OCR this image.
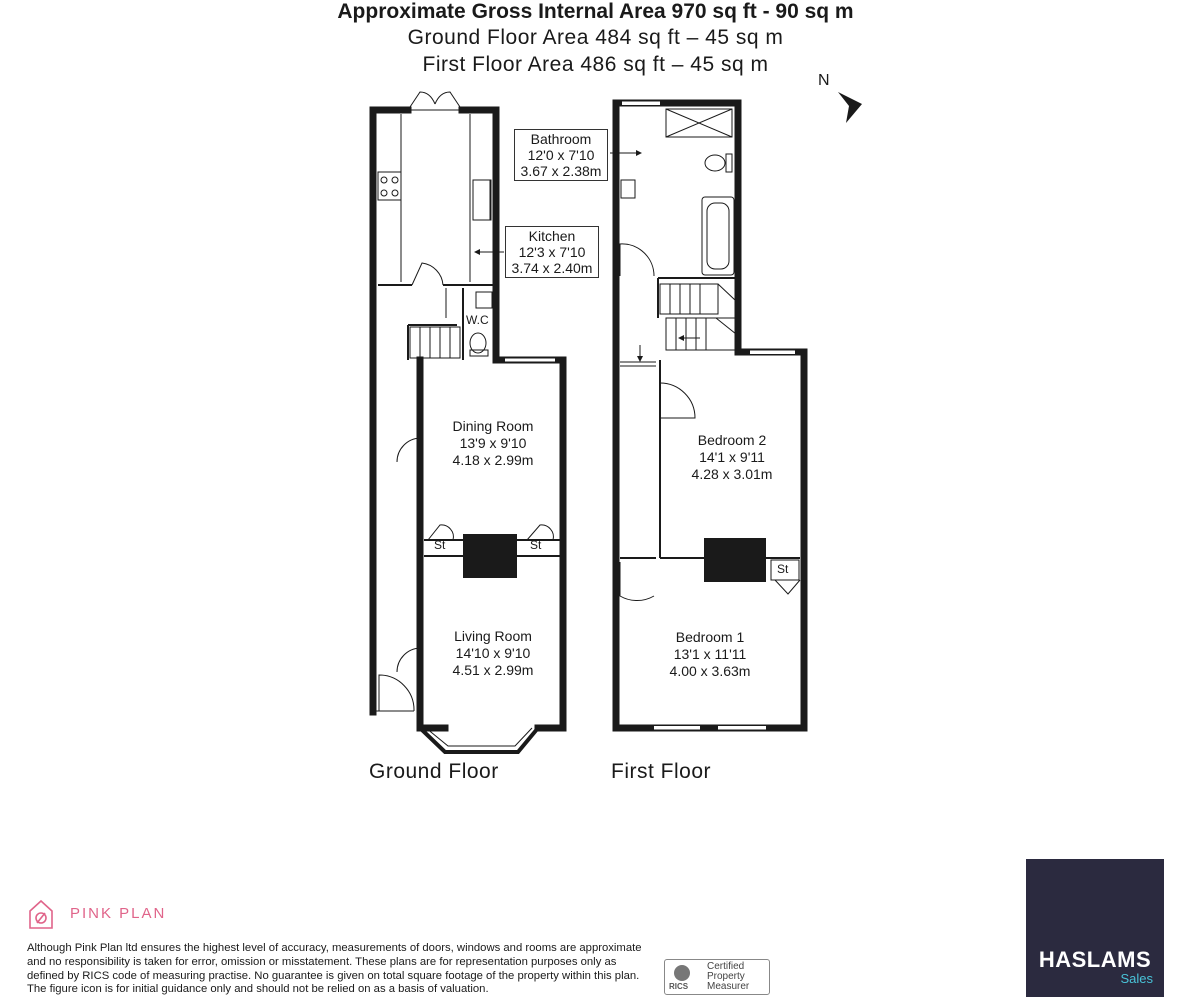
Approximate Gross Internal Area 970 sq ft - 90 sq m
Ground Floor Area 484 sq ft – 45 sq m
First Floor Area 486 sq ft – 45 sq m
N
Kitchen
12'3 x 7'10
3.74 x 2.40m
W.C
Dining Room
13'9 x 9'10
4.18 x 2.99m
St	St
Living Room
14'10 x 9'10
4.51 x 2.99m
Ground Floor
Bathroom
12'0 x 7'10
3.67 x 2.38m
Bedroom 2
14'1 x 9'11
4.28 x 3.01m
St
Bedroom 1
13'1 x 11'11
4.00 x 3.63m
First Floor
PINK PLAN
Although Pink Plan ltd ensures the highest level of accuracy, measurements of doors, windows and rooms are approximate and no responsibility is taken for error, omission or misstatement. These plans are for representation purposes only as defined by RICS code of measuring practise. No guarantee is given on total square footage of the property within this plan. The figure icon is for initial guidance only and should not be relied on as a basis of valuation.	RICS
Certified
Property
Measurer
HASLAMS
Sales
